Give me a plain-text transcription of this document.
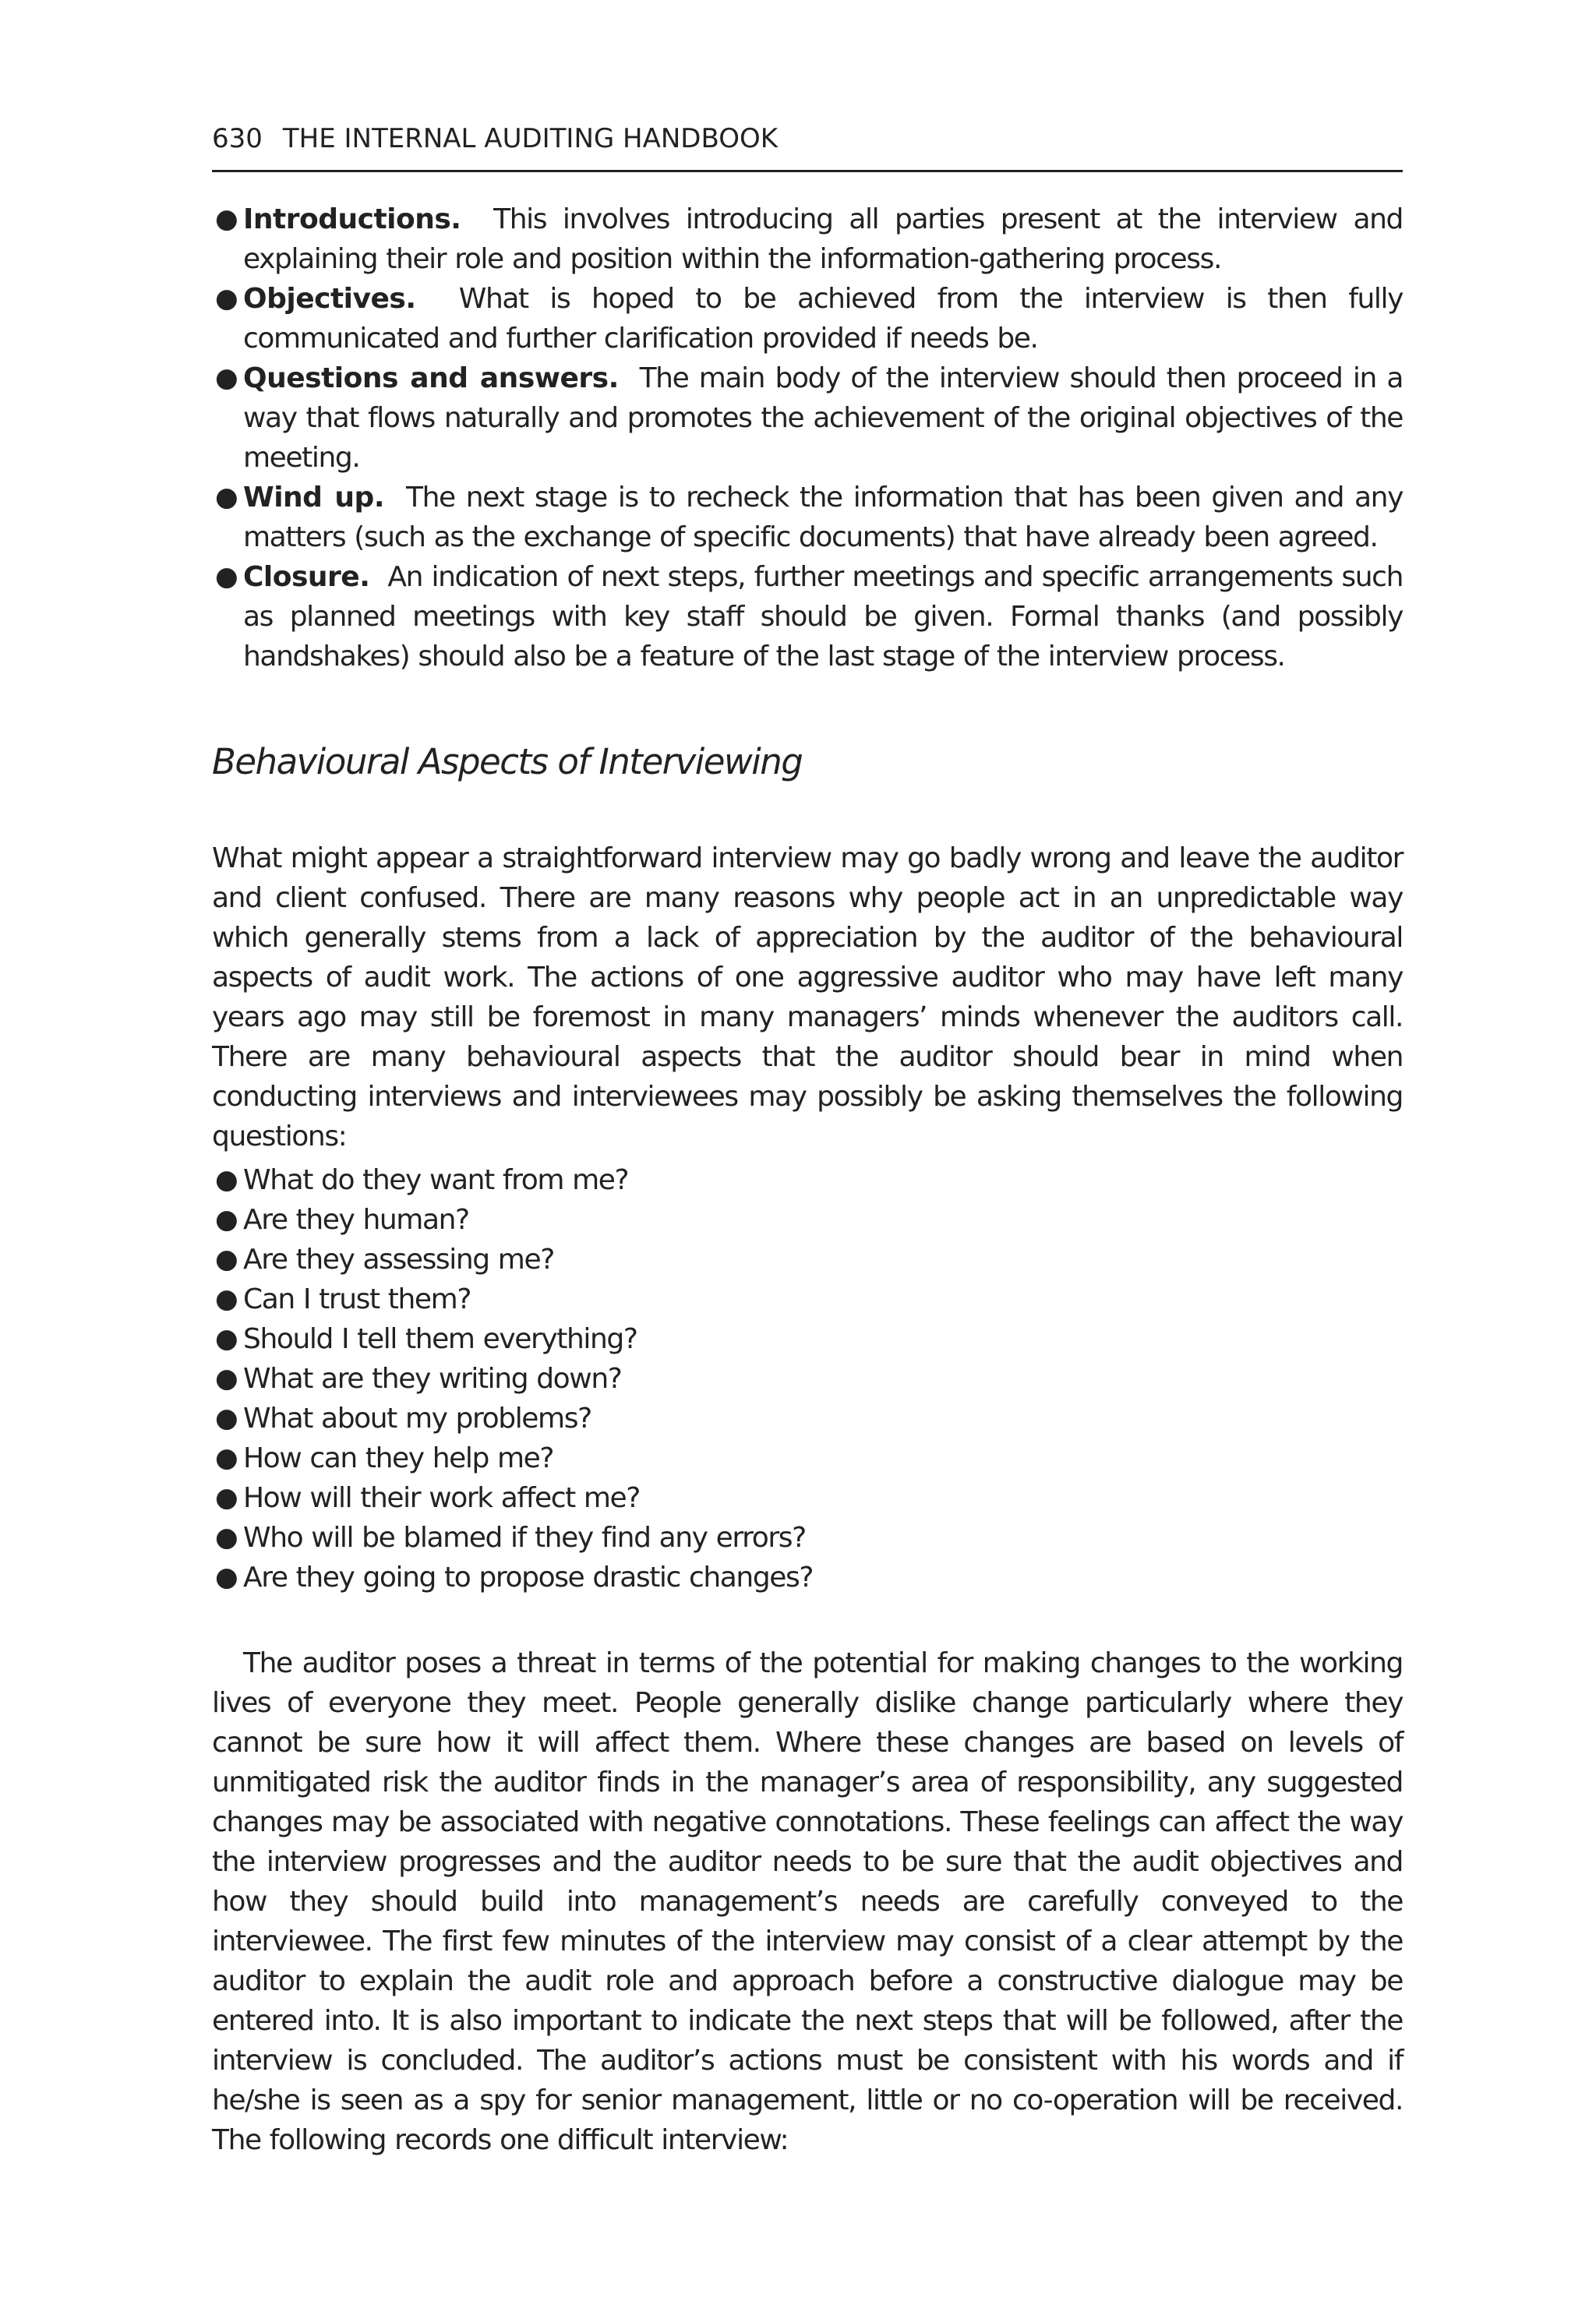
630 THE INTERNAL AUDITING HANDBOOK
● Introductions. This involves introducing all parties present at the interview and explaining their role and position within the information-gathering process.
● Objectives. What is hoped to be achieved from the interview is then fully communicated and further clarification provided if needs be.
● Questions and answers. The main body of the interview should then proceed in a way that flows naturally and promotes the achievement of the original objectives of the meeting.
● Wind up. The next stage is to recheck the information that has been given and any matters (such as the exchange of specific documents) that have already been agreed.
● Closure. An indication of next steps, further meetings and specific arrangements such as planned meetings with key staff should be given. Formal thanks (and possibly handshakes) should also be a feature of the last stage of the interview process.
Behavioural Aspects of Interviewing

What might appear a straightforward interview may go badly wrong and leave the auditor and client confused. There are many reasons why people act in an unpredictable way which generally stems from a lack of appreciation by the auditor of the behavioural aspects of audit work. The actions of one aggressive auditor who may have left many years ago may still be foremost in many managers’ minds whenever the auditors call. There are many behavioural aspects that the auditor should bear in mind when conducting interviews and interviewees may possibly be asking themselves the following questions:

● What do they want from me?
● Are they human?
● Are they assessing me?
● Can I trust them?
● Should I tell them everything?
● What are they writing down?
● What about my problems?
● How can they help me?
● How will their work affect me?
● Who will be blamed if they find any errors?
● Are they going to propose drastic changes?

The auditor poses a threat in terms of the potential for making changes to the working lives of everyone they meet. People generally dislike change particularly where they cannot be sure how it will affect them. Where these changes are based on levels of unmitigated risk the auditor finds in the manager’s area of responsibility, any suggested changes may be associated with negative connotations. These feelings can affect the way the interview progresses and the auditor needs to be sure that the audit objectives and how they should build into management’s needs are carefully conveyed to the interviewee. The first few minutes of the interview may consist of a clear attempt by the auditor to explain the audit role and approach before a constructive dialogue may be entered into. It is also important to indicate the next steps that will be followed, after the interview is concluded. The auditor’s actions must be consistent with his words and if he/she is seen as a spy for senior management, little or no co-operation will be received. The following records one difficult interview:
